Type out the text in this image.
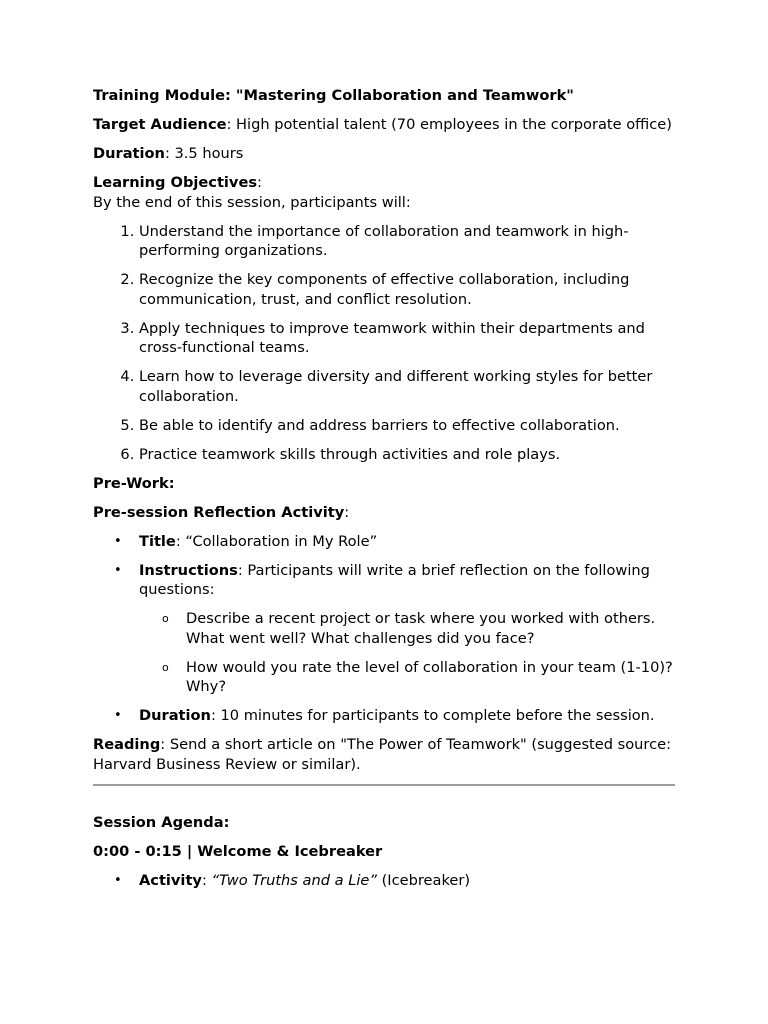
Training Module: "Mastering Collaboration and Teamwork"

Target Audience: High potential talent (70 employees in the corporate office)

Duration: 3.5 hours

Learning Objectives:

By the end of this session, participants will:

1. Understand the importance of collaboration and teamwork in high-performing organizations.
2. Recognize the key components of effective collaboration, including communication, trust, and conflict resolution.
3. Apply techniques to improve teamwork within their departments and cross-functional teams.
4. Learn how to leverage diversity and different working styles for better collaboration.
5. Be able to identify and address barriers to effective collaboration.
6. Practice teamwork skills through activities and role plays.

Pre-Work:

Pre-session Reflection Activity:

• Title: “Collaboration in My Role”
• Instructions: Participants will write a brief reflection on the following questions:
o Describe a recent project or task where you worked with others. What went well? What challenges did you face?
o How would you rate the level of collaboration in your team (1-10)? Why?
• Duration: 10 minutes for participants to complete before the session.

Reading: Send a short article on "The Power of Teamwork" (suggested source: Harvard Business Review or similar).

Session Agenda:

0:00 - 0:15 | Welcome & Icebreaker

• Activity: “Two Truths and a Lie” (Icebreaker)
